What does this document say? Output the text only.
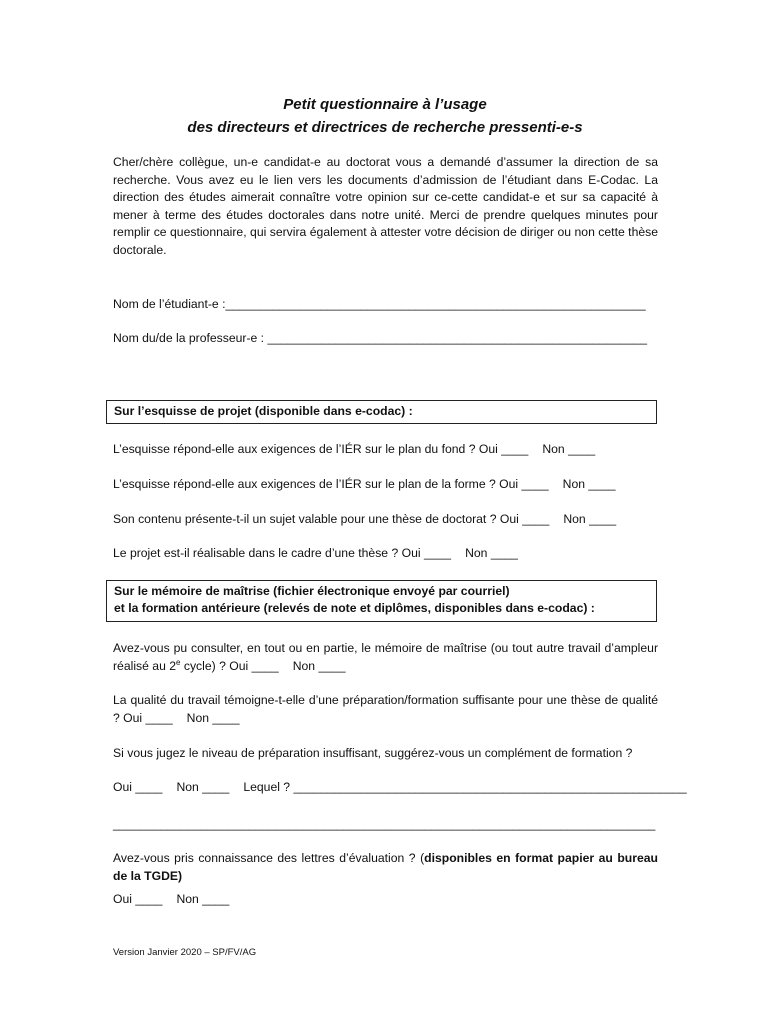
Petit questionnaire à l’usage
des directeurs et directrices de recherche pressenti-e-s
Cher/chère collègue, un-e candidat-e au doctorat vous a demandé d’assumer la direction de sa recherche. Vous avez eu le lien vers les documents d’admission de l’étudiant dans E-Codac. La direction des études aimerait connaître votre opinion sur ce-cette candidat-e et sur sa capacité à mener à terme des études doctorales dans notre unité. Merci de prendre quelques minutes pour remplir ce questionnaire, qui servira également à attester votre décision de diriger ou non cette thèse doctorale.
Nom de l’étudiant-e :______________________________________________________________
Nom du/de la professeur-e : ________________________________________________________
Sur l’esquisse de projet (disponible dans e-codac) :
L’esquisse répond-elle aux exigences de l’IÉR sur le plan du fond ? Oui ____ Non ____
L’esquisse répond-elle aux exigences de l’IÉR sur le plan de la forme ? Oui ____ Non ____
Son contenu présente-t-il un sujet valable pour une thèse de doctorat ? Oui ____ Non ____
Le projet est-il réalisable dans le cadre d’une thèse ? Oui ____ Non ____
Sur le mémoire de maîtrise (fichier électronique envoyé par courriel)
et la formation antérieure (relevés de note et diplômes, disponibles dans e-codac) :
Avez-vous pu consulter, en tout ou en partie, le mémoire de maîtrise (ou tout autre travail d’ampleur réalisé au 2e cycle) ? Oui ____ Non ____
La qualité du travail témoigne-t-elle d’une préparation/formation suffisante pour une thèse de qualité ? Oui ____ Non ____
Si vous jugez le niveau de préparation insuffisant, suggérez-vous un complément de formation ?
Oui ____ Non ____ Lequel ? __________________________________________________________
________________________________________________________________________________
Avez-vous pris connaissance des lettres d’évaluation ? (disponibles en format papier au bureau de la TGDE)
Oui ____ Non ____
Version Janvier 2020 – SP/FV/AG
